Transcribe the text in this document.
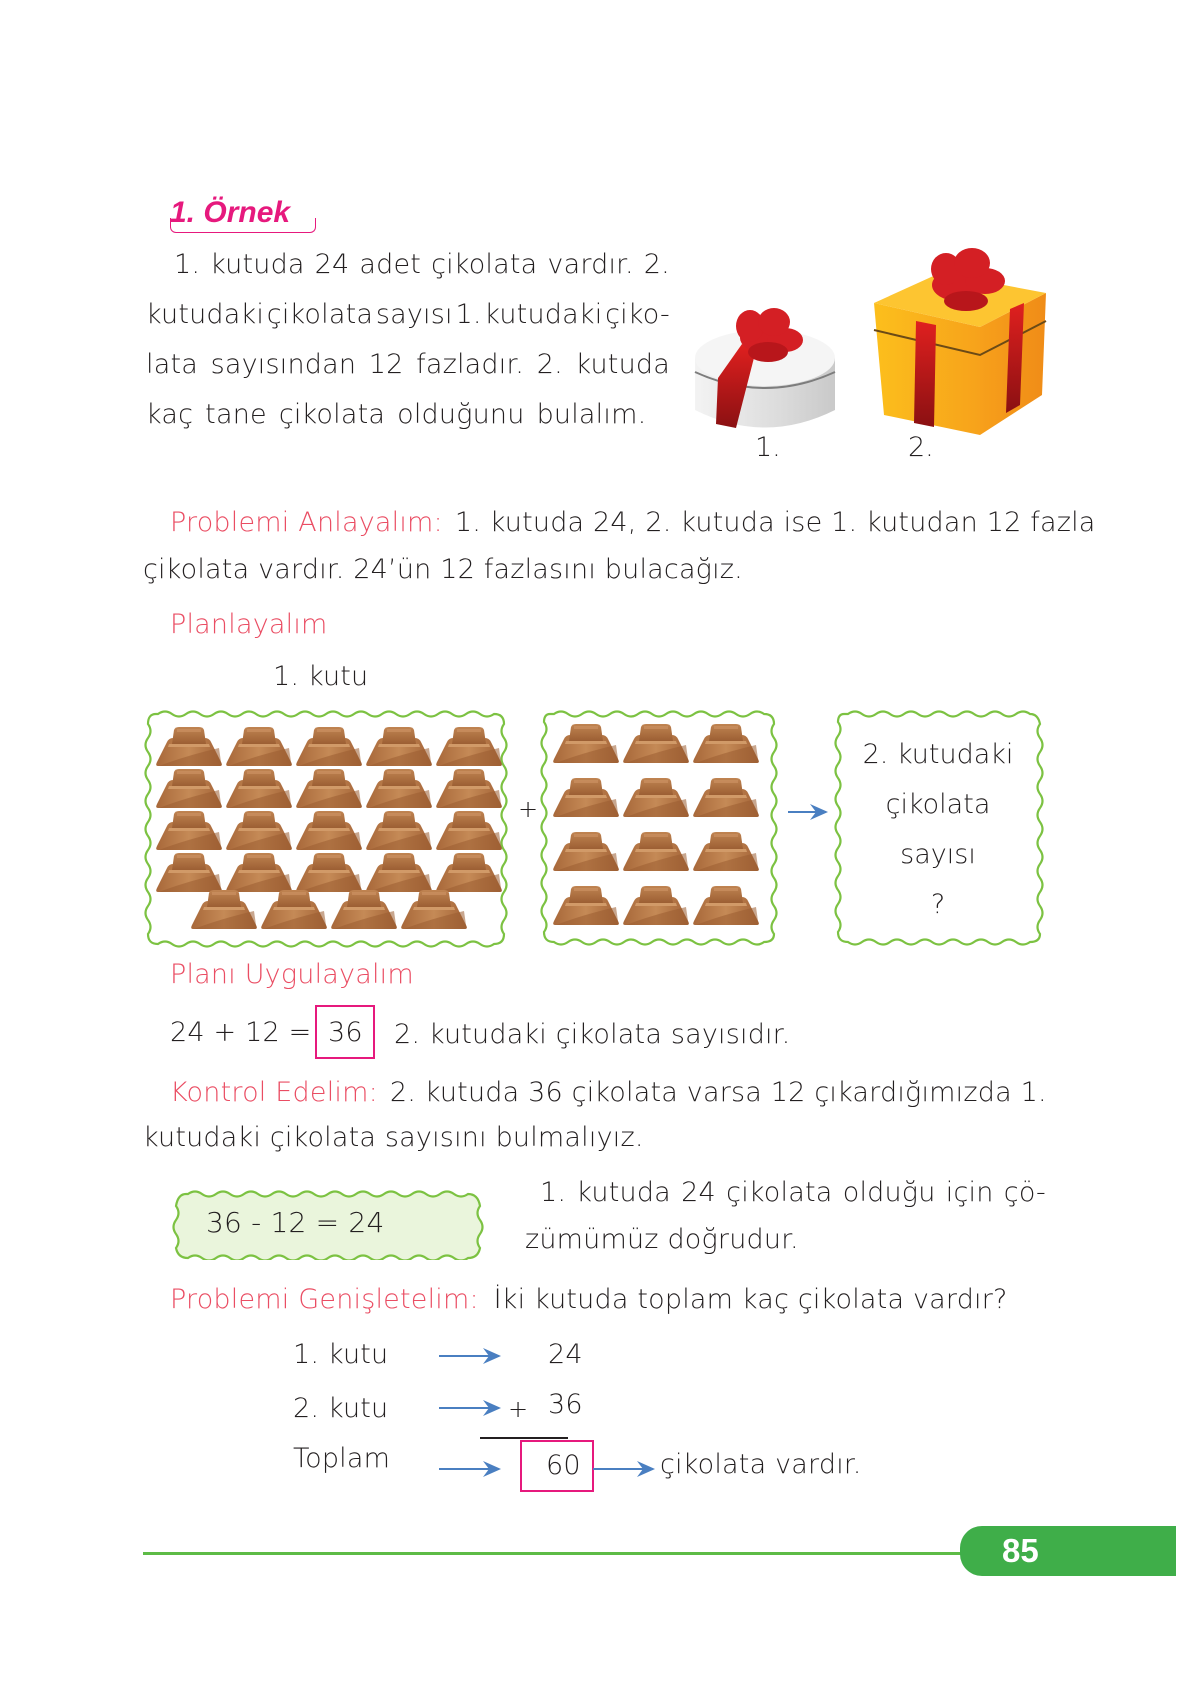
1. Örnek
1. kutuda 24 adet çikolata vardır. 2.
kutudaki çikolata sayısı 1. kutudaki çiko-
lata sayısından 12 fazladır. 2. kutuda
kaç tane çikolata olduğunu bulalım.
1.	2.
Problemi Anlayalım: 1. kutuda 24, 2. kutuda ise 1. kutudan 12 fazla
çikolata vardır. 24’ün 12 fazlasını bulacağız.
Planlayalım
1. kutu
+
2. kutudaki
çikolata
sayısı
?
Planı Uygulayalım
24 + 12 = 36 2. kutudaki çikolata sayısıdır.
Kontrol Edelim: 2. kutuda 36 çikolata varsa 12 çıkardığımızda 1.
kutudaki çikolata sayısını bulmalıyız.
36 - 12 = 24
1. kutuda 24 çikolata olduğu için çö-
zümümüz doğrudur.
Problemi Genişletelim: İki kutuda toplam kaç çikolata vardır?
1. kutu	24
2. kutu	+ 36
Toplam	60	çikolata vardır.
85
